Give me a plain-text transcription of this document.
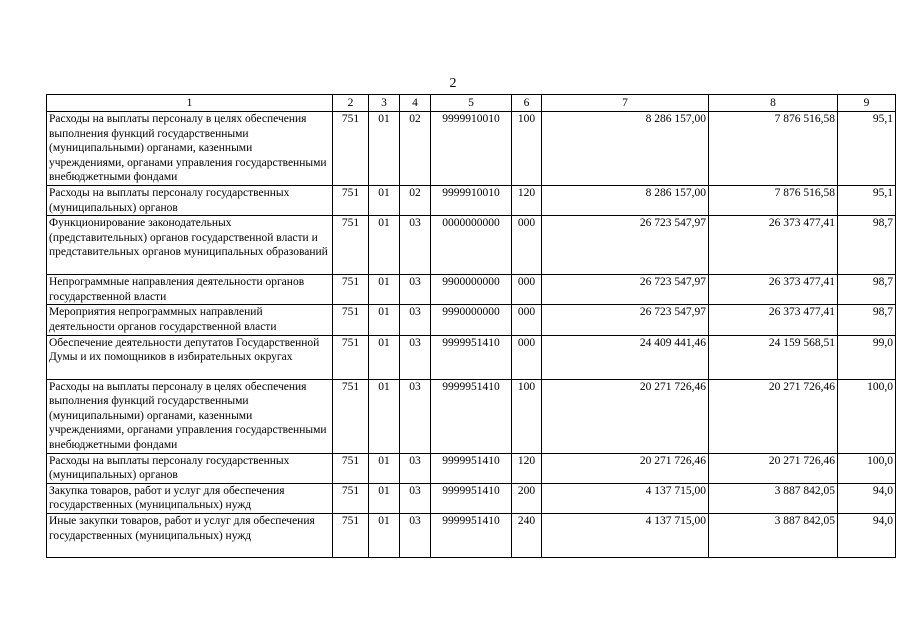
2
1	2	3	4	5	6	7	8	9
Расходы на выплаты персоналу в целях обеспечения выполнения функций государственными (муниципальными) органами, казенными учреждениями, органами управления государственными внебюджетными фондами	751	01	02	9999910010	100	8 286 157,00	7 876 516,58	95,1
Расходы на выплаты персоналу государственных (муниципальных) органов	751	01	02	9999910010	120	8 286 157,00	7 876 516,58	95,1
Функционирование законодательных (представительных) органов государственной власти и представительных органов муниципальных образований	751	01	03	0000000000	000	26 723 547,97	26 373 477,41	98,7
Непрограммные направления деятельности органов государственной власти	751	01	03	9900000000	000	26 723 547,97	26 373 477,41	98,7
Мероприятия непрограммных направлений деятельности органов государственной власти	751	01	03	9990000000	000	26 723 547,97	26 373 477,41	98,7
Обеспечение деятельности депутатов Государственной Думы и их помощников в избирательных округах	751	01	03	9999951410	000	24 409 441,46	24 159 568,51	99,0
Расходы на выплаты персоналу в целях обеспечения выполнения функций государственными (муниципальными) органами, казенными учреждениями, органами управления государственными внебюджетными фондами	751	01	03	9999951410	100	20 271 726,46	20 271 726,46	100,0
Расходы на выплаты персоналу государственных (муниципальных) органов	751	01	03	9999951410	120	20 271 726,46	20 271 726,46	100,0
Закупка товаров, работ и услуг для обеспечения государственных (муниципальных) нужд	751	01	03	9999951410	200	4 137 715,00	3 887 842,05	94,0
Иные закупки товаров, работ и услуг для обеспечения государственных (муниципальных) нужд	751	01	03	9999951410	240	4 137 715,00	3 887 842,05	94,0
